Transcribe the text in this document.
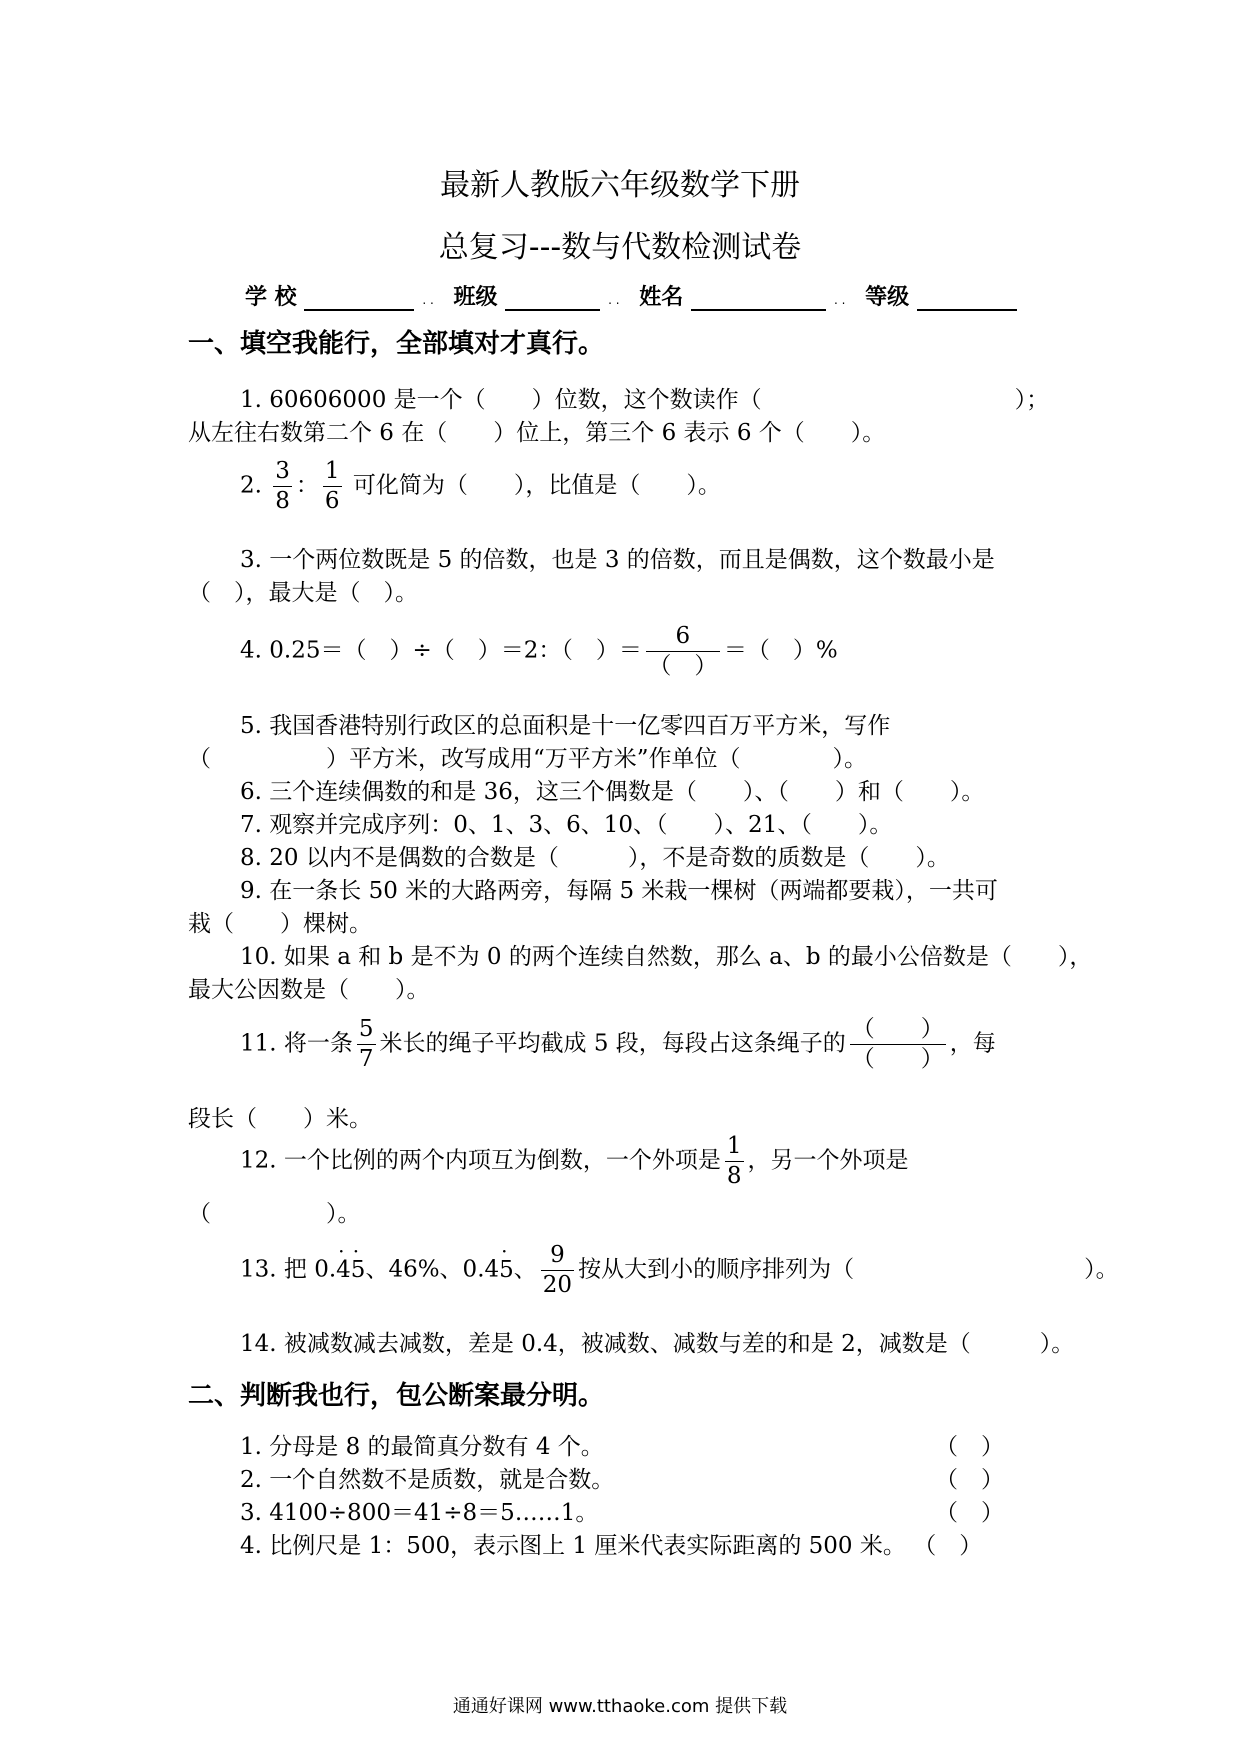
最新人教版六年级数学下册
总复习---数与代数检测试卷
学 校	. . 班级	. . 姓名	. . 等级
一、填空我能行，全部填对才真行。
1. 60606000 是一个（　　）位数，这个数读作（　　　　　　　　　　　）；
从左往右数第二个 6 在（　　）位上，第三个 6 表示 6 个（　　）。
2. $\frac{3}{8}$ ： $\frac{1}{6}$ 可化简为（　　），比值是（　　）。
3. 一个两位数既是 5 的倍数，也是 3 的倍数，而且是偶数，这个数最小是
（　），最大是（　）。
4. 0.25＝（　）÷（　）＝2：（　）＝
6
（　）
＝（　）%
5. 我国香港特别行政区的总面积是十一亿零四百万平方米，写作
（　　　　　）平方米，改写成用“万平方米”作单位（　　　　）。
6. 三个连续偶数的和是 36，这三个偶数是（　　）、（　　）和（　　）。
7. 观察并完成序列：0、1、3、6、10、（　　）、21、（　　）。
8. 20 以内不是偶数的合数是（　　　），不是奇数的质数是（　　）。
9. 在一条长 50 米的大路两旁，每隔 5 米栽一棵树（两端都要栽），一共可
栽（　　）棵树。
10. 如果 a 和 b 是不为 0 的两个连续自然数，那么 a、b 的最小公倍数是（　　），
最大公因数是（　　）。
11. 将一条 $\frac{5}{7}$ 米长的绳子平均截成 5 段，每段占这条绳子的
（　　）
（　　）
，每
段长（　　）米。
12. 一个比例的两个内项互为倒数，一个外项是 $\frac{1}{8}$ ，另一个外项是
（　　　　　）。
13. 把 0.· 4· 5、46%、0.4· 5、 $\frac{9}{20}$ 按从大到小的顺序排列为（　　　　　　　　　　）。
14. 被减数减去减数，差是 0.4，被减数、减数与差的和是 2，减数是（　　　）。
二、判断我也行，包公断案最分明。
1. 分母是 8 的最简真分数有 4 个。	（　）
2. 一个自然数不是质数，就是合数。	（　）
3. 4100÷800＝41÷8＝5……1。	（　）
4. 比例尺是 1：500，表示图上 1 厘米代表实际距离的 500 米。 （　）
通通好课网 www.tthaoke.com 提供下载
